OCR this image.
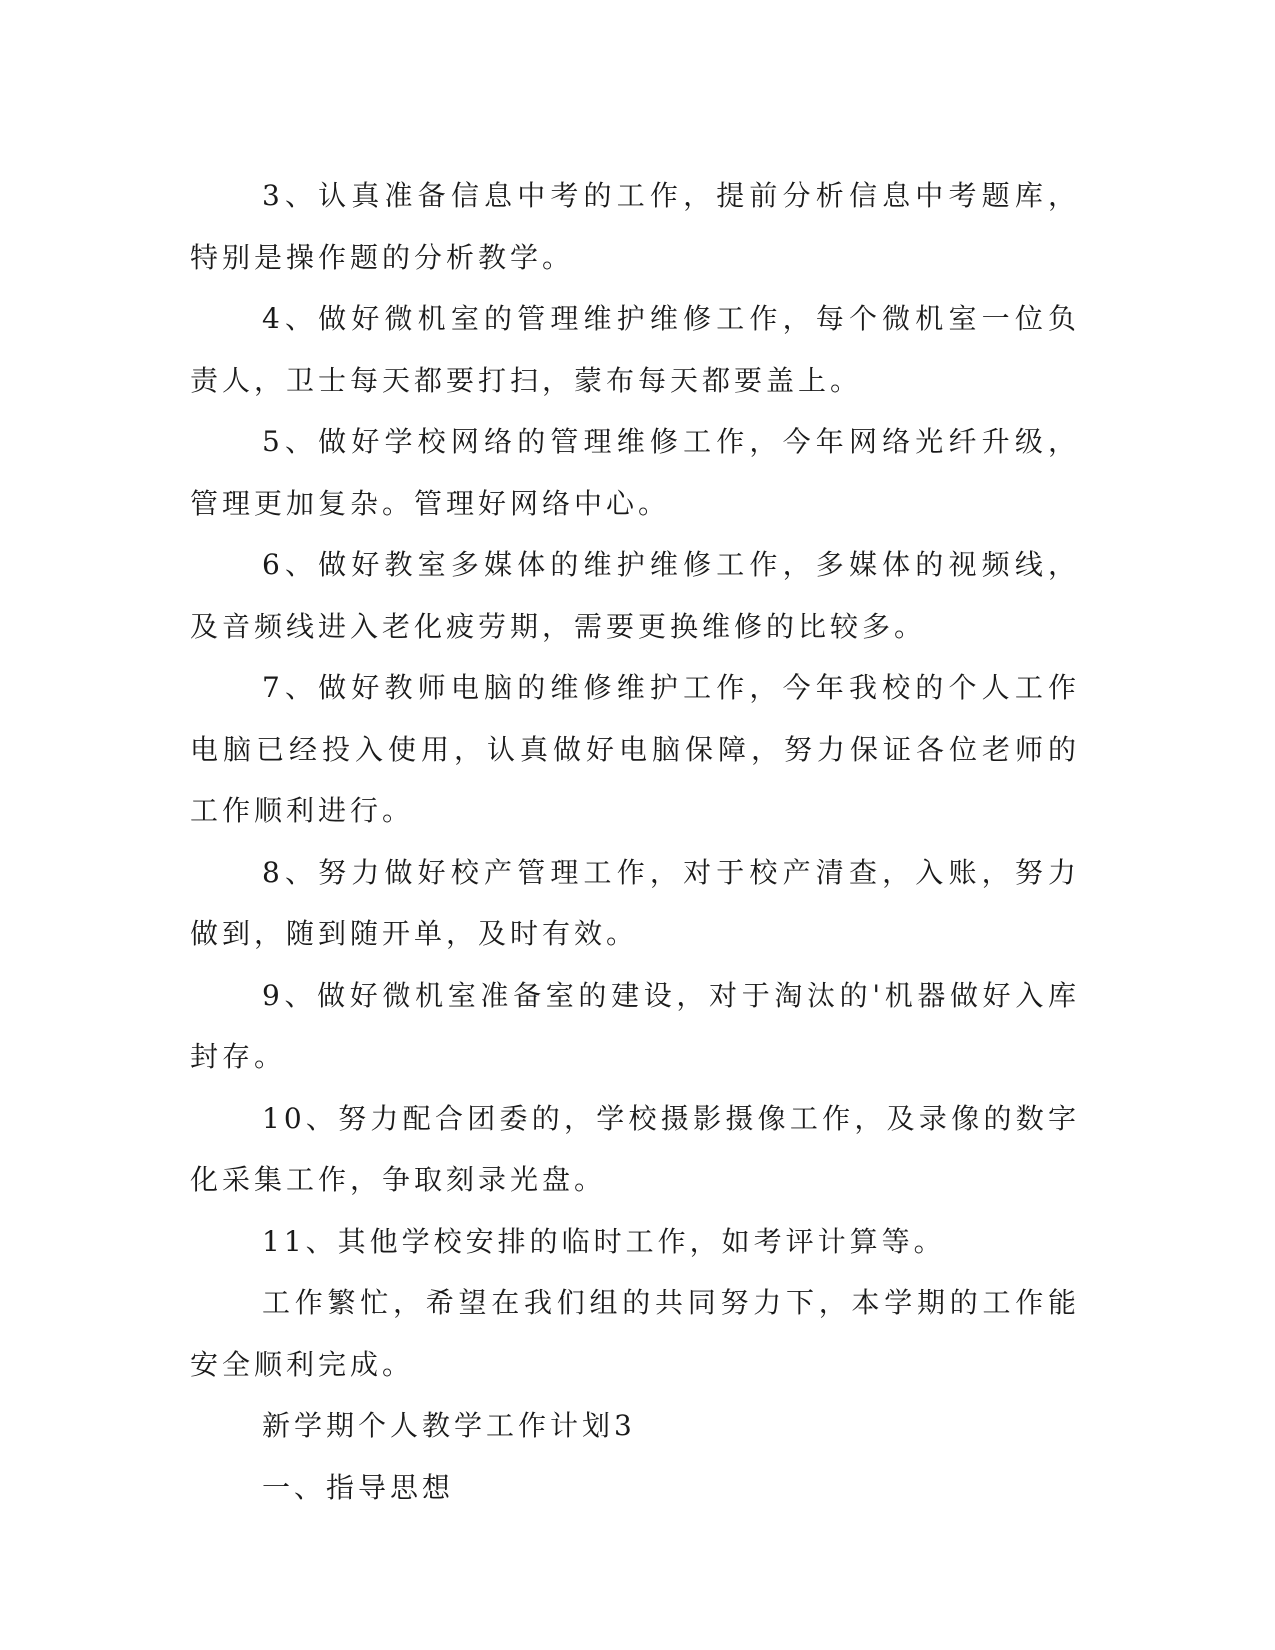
3、认真准备信息中考的工作，提前分析信息中考题库，特别是操作题的分析教学。

4、做好微机室的管理维护维修工作，每个微机室一位负责人，卫士每天都要打扫，蒙布每天都要盖上。

5、做好学校网络的管理维修工作，今年网络光纤升级，管理更加复杂。管理好网络中心。

6、做好教室多媒体的维护维修工作，多媒体的视频线，及音频线进入老化疲劳期，需要更换维修的比较多。

7、做好教师电脑的维修维护工作，今年我校的个人工作电脑已经投入使用，认真做好电脑保障，努力保证各位老师的工作顺利进行。

8、努力做好校产管理工作，对于校产清查，入账，努力做到，随到随开单，及时有效。

9、做好微机室准备室的建设，对于淘汰的'机器做好入库封存。

10、努力配合团委的，学校摄影摄像工作，及录像的数字化采集工作，争取刻录光盘。

11、其他学校安排的临时工作，如考评计算等。

工作繁忙，希望在我们组的共同努力下，本学期的工作能安全顺利完成。

新学期个人教学工作计划3

一、指导思想
